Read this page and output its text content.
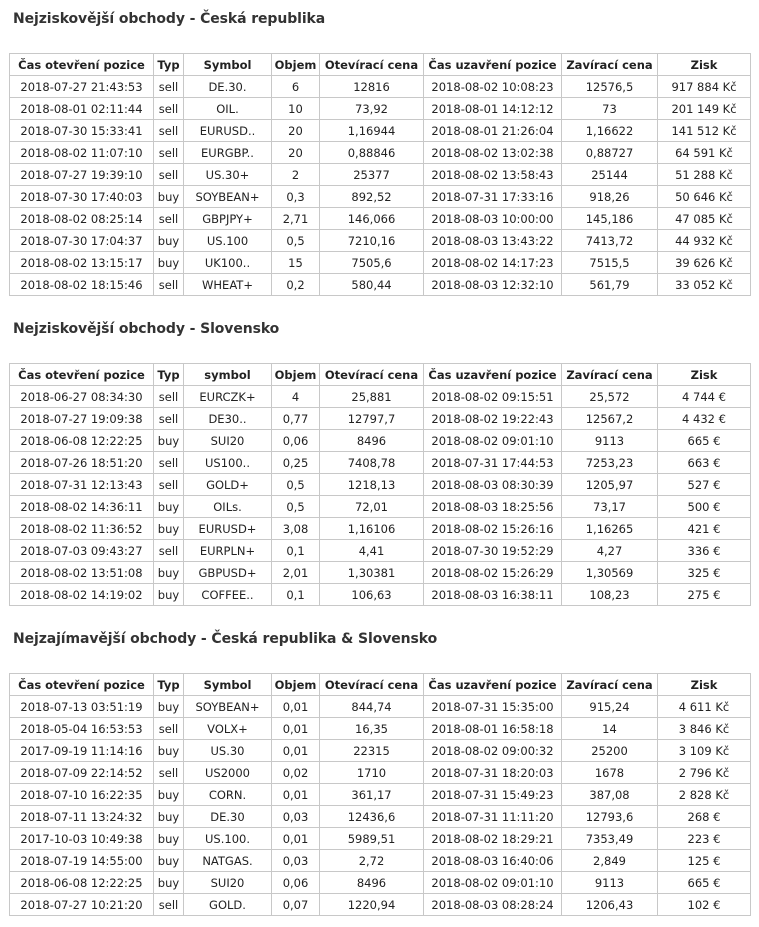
Nejziskovější obchody - Česká republika
Čas otevření pozice	Typ	Symbol	Objem	Otevírací cena	Čas uzavření pozice	Zavírací cena	Zisk
2018-07-27 21:43:53	sell	DE.30.	6	12816	2018-08-02 10:08:23	12576,5	917 884 Kč
2018-08-01 02:11:44	sell	OIL.	10	73,92	2018-08-01 14:12:12	73	201 149 Kč
2018-07-30 15:33:41	sell	EURUSD..	20	1,16944	2018-08-01 21:26:04	1,16622	141 512 Kč
2018-08-02 11:07:10	sell	EURGBP..	20	0,88846	2018-08-02 13:02:38	0,88727	64 591 Kč
2018-07-27 19:39:10	sell	US.30+	2	25377	2018-08-02 13:58:43	25144	51 288 Kč
2018-07-30 17:40:03	buy	SOYBEAN+	0,3	892,52	2018-07-31 17:33:16	918,26	50 646 Kč
2018-08-02 08:25:14	sell	GBPJPY+	2,71	146,066	2018-08-03 10:00:00	145,186	47 085 Kč
2018-07-30 17:04:37	buy	US.100	0,5	7210,16	2018-08-03 13:43:22	7413,72	44 932 Kč
2018-08-02 13:15:17	buy	UK100..	15	7505,6	2018-08-02 14:17:23	7515,5	39 626 Kč
2018-08-02 18:15:46	sell	WHEAT+	0,2	580,44	2018-08-03 12:32:10	561,79	33 052 Kč
Nejziskovější obchody - Slovensko
Čas otevření pozice	Typ	symbol	Objem	Otevírací cena	Čas uzavření pozice	Zavírací cena	Zisk
2018-06-27 08:34:30	sell	EURCZK+	4	25,881	2018-08-02 09:15:51	25,572	4 744 €
2018-07-27 19:09:38	sell	DE30..	0,77	12797,7	2018-08-02 19:22:43	12567,2	4 432 €
2018-06-08 12:22:25	buy	SUI20	0,06	8496	2018-08-02 09:01:10	9113	665 €
2018-07-26 18:51:20	sell	US100..	0,25	7408,78	2018-07-31 17:44:53	7253,23	663 €
2018-07-31 12:13:43	sell	GOLD+	0,5	1218,13	2018-08-03 08:30:39	1205,97	527 €
2018-08-02 14:36:11	buy	OILs.	0,5	72,01	2018-08-03 18:25:56	73,17	500 €
2018-08-02 11:36:52	buy	EURUSD+	3,08	1,16106	2018-08-02 15:26:16	1,16265	421 €
2018-07-03 09:43:27	sell	EURPLN+	0,1	4,41	2018-07-30 19:52:29	4,27	336 €
2018-08-02 13:51:08	buy	GBPUSD+	2,01	1,30381	2018-08-02 15:26:29	1,30569	325 €
2018-08-02 14:19:02	buy	COFFEE..	0,1	106,63	2018-08-03 16:38:11	108,23	275 €
Nejzajímavější obchody - Česká republika & Slovensko
Čas otevření pozice	Typ	Symbol	Objem	Otevírací cena	Čas uzavření pozice	Zavírací cena	Zisk
2018-07-13 03:51:19	buy	SOYBEAN+	0,01	844,74	2018-07-31 15:35:00	915,24	4 611 Kč
2018-05-04 16:53:53	sell	VOLX+	0,01	16,35	2018-08-01 16:58:18	14	3 846 Kč
2017-09-19 11:14:16	buy	US.30	0,01	22315	2018-08-02 09:00:32	25200	3 109 Kč
2018-07-09 22:14:52	sell	US2000	0,02	1710	2018-07-31 18:20:03	1678	2 796 Kč
2018-07-10 16:22:35	buy	CORN.	0,01	361,17	2018-07-31 15:49:23	387,08	2 828 Kč
2018-07-11 13:24:32	buy	DE.30	0,03	12436,6	2018-07-31 11:11:20	12793,6	268 €
2017-10-03 10:49:38	buy	US.100.	0,01	5989,51	2018-08-02 18:29:21	7353,49	223 €
2018-07-19 14:55:00	buy	NATGAS.	0,03	2,72	2018-08-03 16:40:06	2,849	125 €
2018-06-08 12:22:25	buy	SUI20	0,06	8496	2018-08-02 09:01:10	9113	665 €
2018-07-27 10:21:20	sell	GOLD.	0,07	1220,94	2018-08-03 08:28:24	1206,43	102 €
